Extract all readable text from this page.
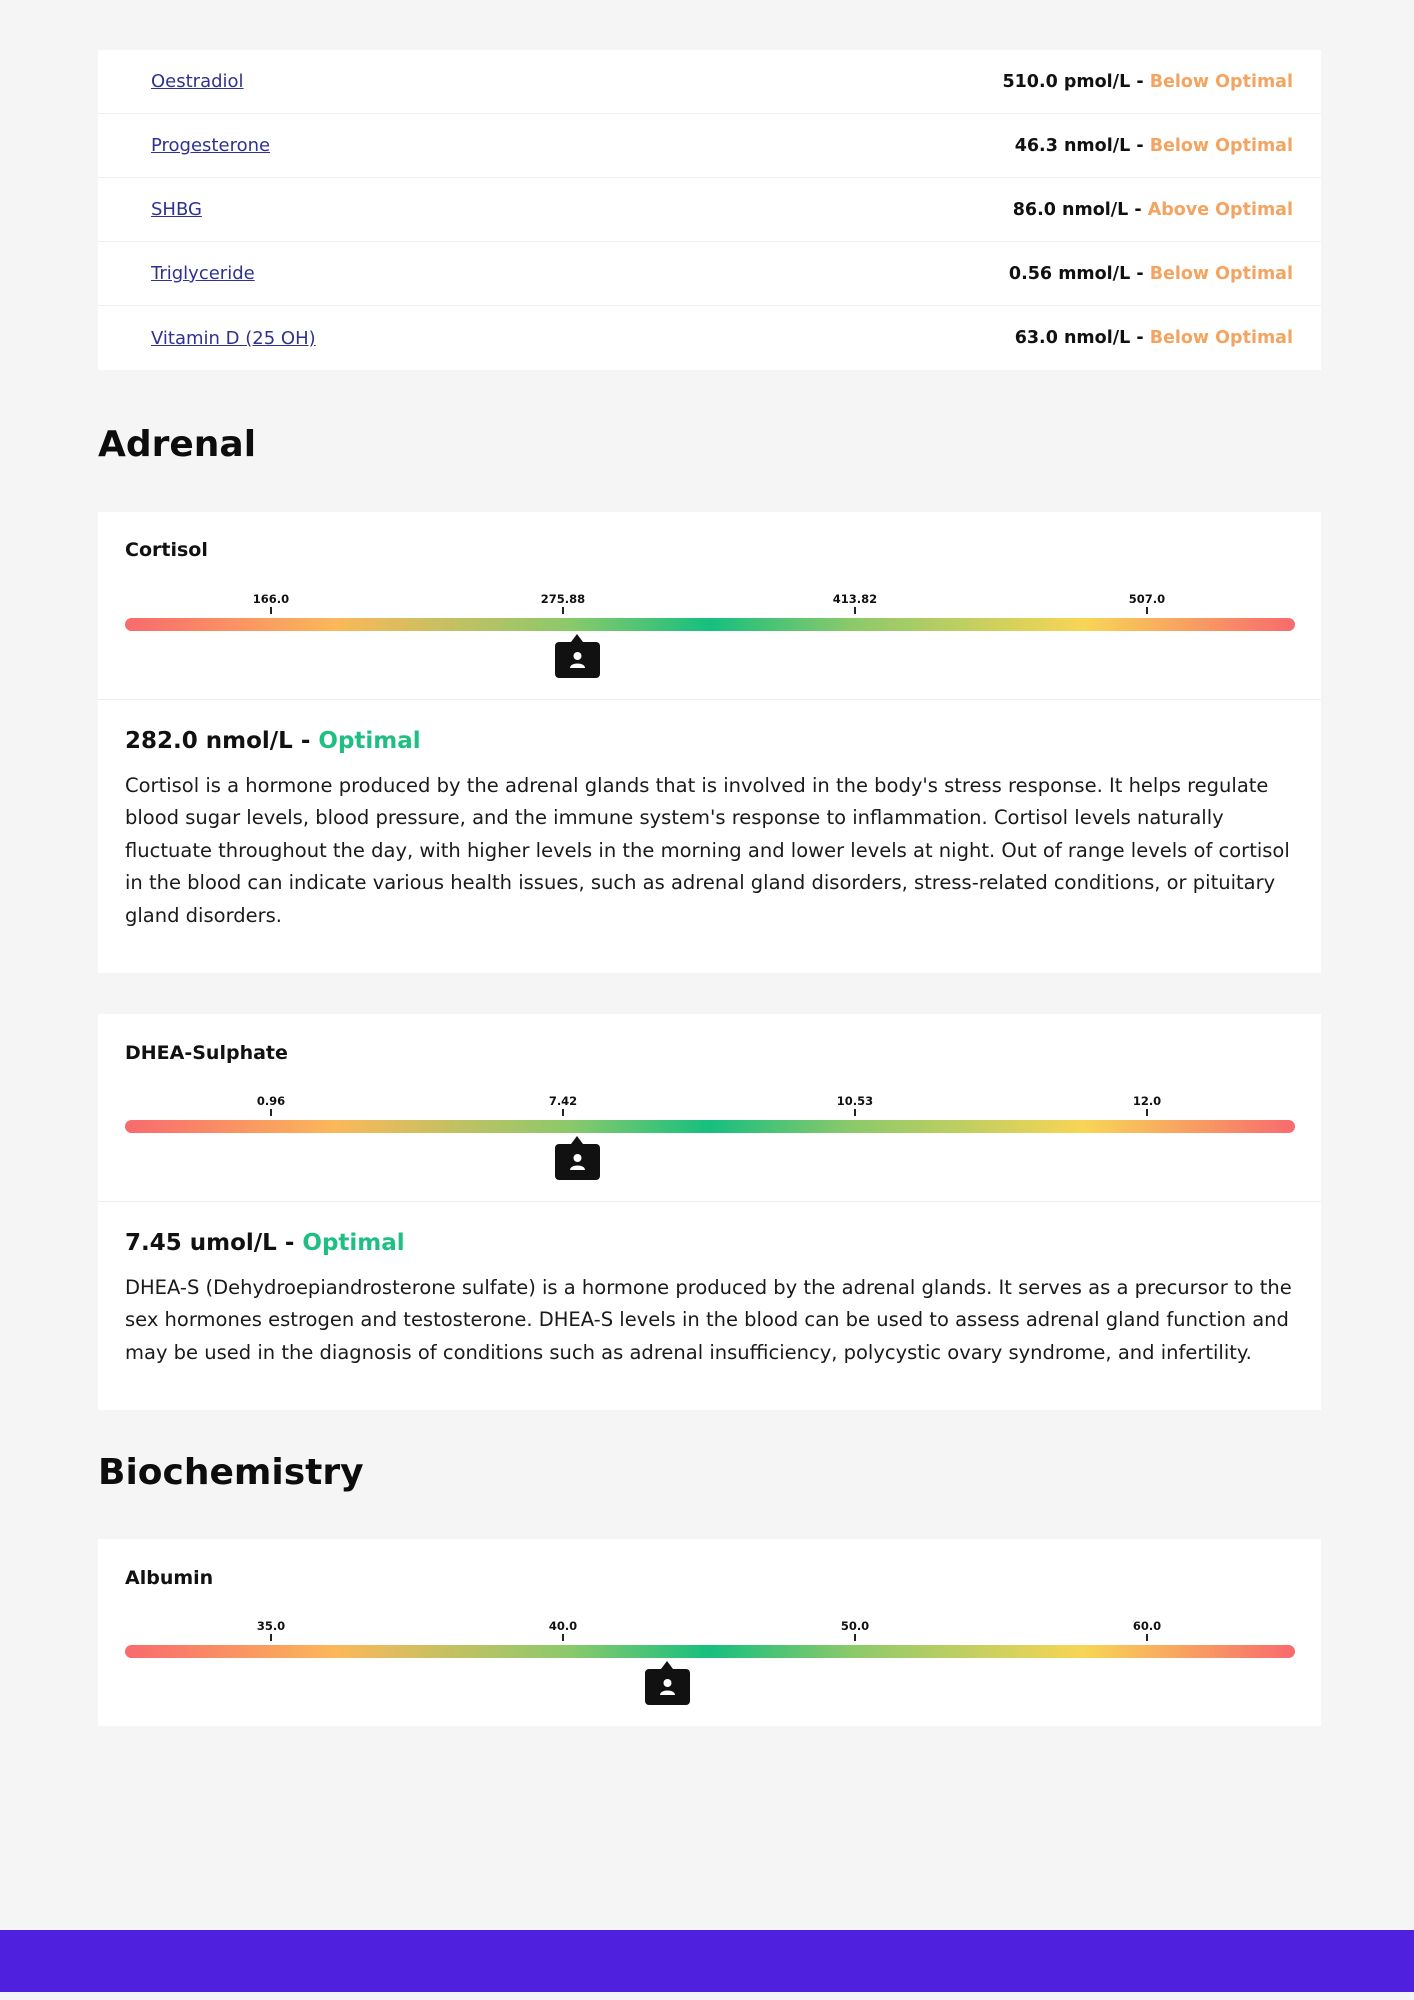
Oestradiol	510.0 pmol/L - Below Optimal
Progesterone	46.3 nmol/L - Below Optimal
SHBG	86.0 nmol/L - Above Optimal
Triglyceride	0.56 mmol/L - Below Optimal
Vitamin D (25 OH)	63.0 nmol/L - Below Optimal
Adrenal
Cortisol
166.0	275.88	413.82	507.0

282.0 nmol/L - Optimal

Cortisol is a hormone produced by the adrenal glands that is involved in the body's stress response. It helps regulate blood sugar levels, blood pressure, and the immune system's response to inflammation. Cortisol levels naturally fluctuate throughout the day, with higher levels in the morning and lower levels at night. Out of range levels of cortisol in the blood can indicate various health issues, such as adrenal gland disorders, stress-related conditions, or pituitary gland disorders.

DHEA-Sulphate
0.96	7.42	10.53	12.0

7.45 umol/L - Optimal

DHEA-S (Dehydroepiandrosterone sulfate) is a hormone produced by the adrenal glands. It serves as a precursor to the sex hormones estrogen and testosterone. DHEA-S levels in the blood can be used to assess adrenal gland function and may be used in the diagnosis of conditions such as adrenal insufficiency, polycystic ovary syndrome, and infertility.

Biochemistry
Albumin
35.0	40.0	50.0	60.0
